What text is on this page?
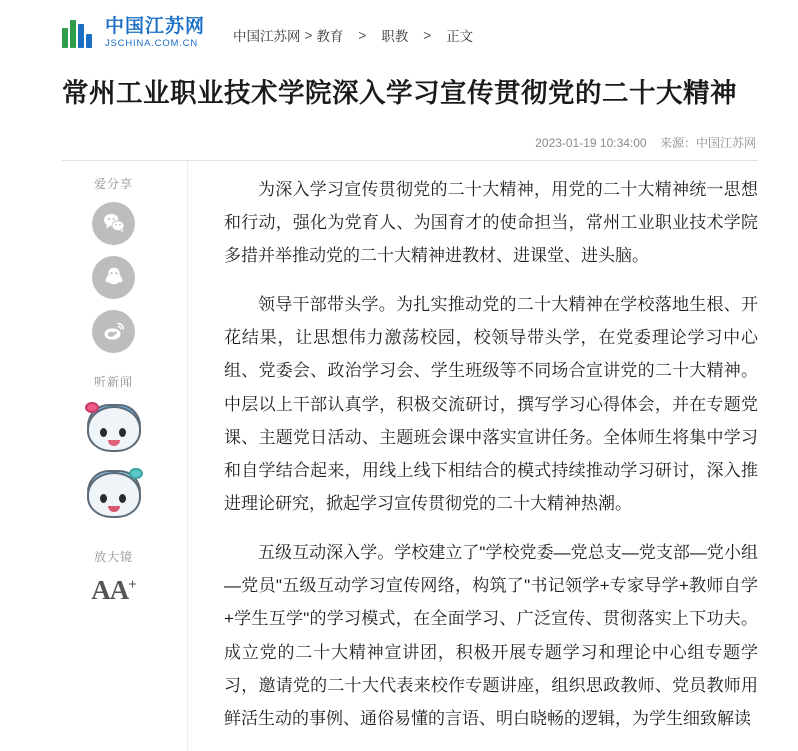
中国江苏网
JSCHINA.COM.CN	中国江苏网 > 教育 > 职教 > 正文
常州工业职业技术学院深入学习宣传贯彻党的二十大精神
2023-01-19 10:34:00 来源：中国江苏网
爱分享
听新闻
放大镜
AA+

为深入学习宣传贯彻党的二十大精神，用党的二十大精神统一思想和行动，强化为党育人、为国育才的使命担当，常州工业职业技术学院多措并举推动党的二十大精神进教材、进课堂、进头脑。

领导干部带头学。为扎实推动党的二十大精神在学校落地生根、开花结果，让思想伟力激荡校园，校领导带头学，在党委理论学习中心组、党委会、政治学习会、学生班级等不同场合宣讲党的二十大精神。中层以上干部认真学，积极交流研讨，撰写学习心得体会，并在专题党课、主题党日活动、主题班会课中落实宣讲任务。全体师生将集中学习和自学结合起来，用线上线下相结合的模式持续推动学习研讨，深入推进理论研究，掀起学习宣传贯彻党的二十大精神热潮。

五级互动深入学。学校建立了"学校党委—党总支—党支部—党小组—党员"五级互动学习宣传网络，构筑了"书记领学+专家导学+教师自学+学生互学"的学习模式，在全面学习、广泛宣传、贯彻落实上下功夫。成立党的二十大精神宣讲团，积极开展专题学习和理论中心组专题学习，邀请党的二十大代表来校作专题讲座，组织思政教师、党员教师用鲜活生动的事例、通俗易懂的言语、明白晓畅的逻辑，为学生细致解读
